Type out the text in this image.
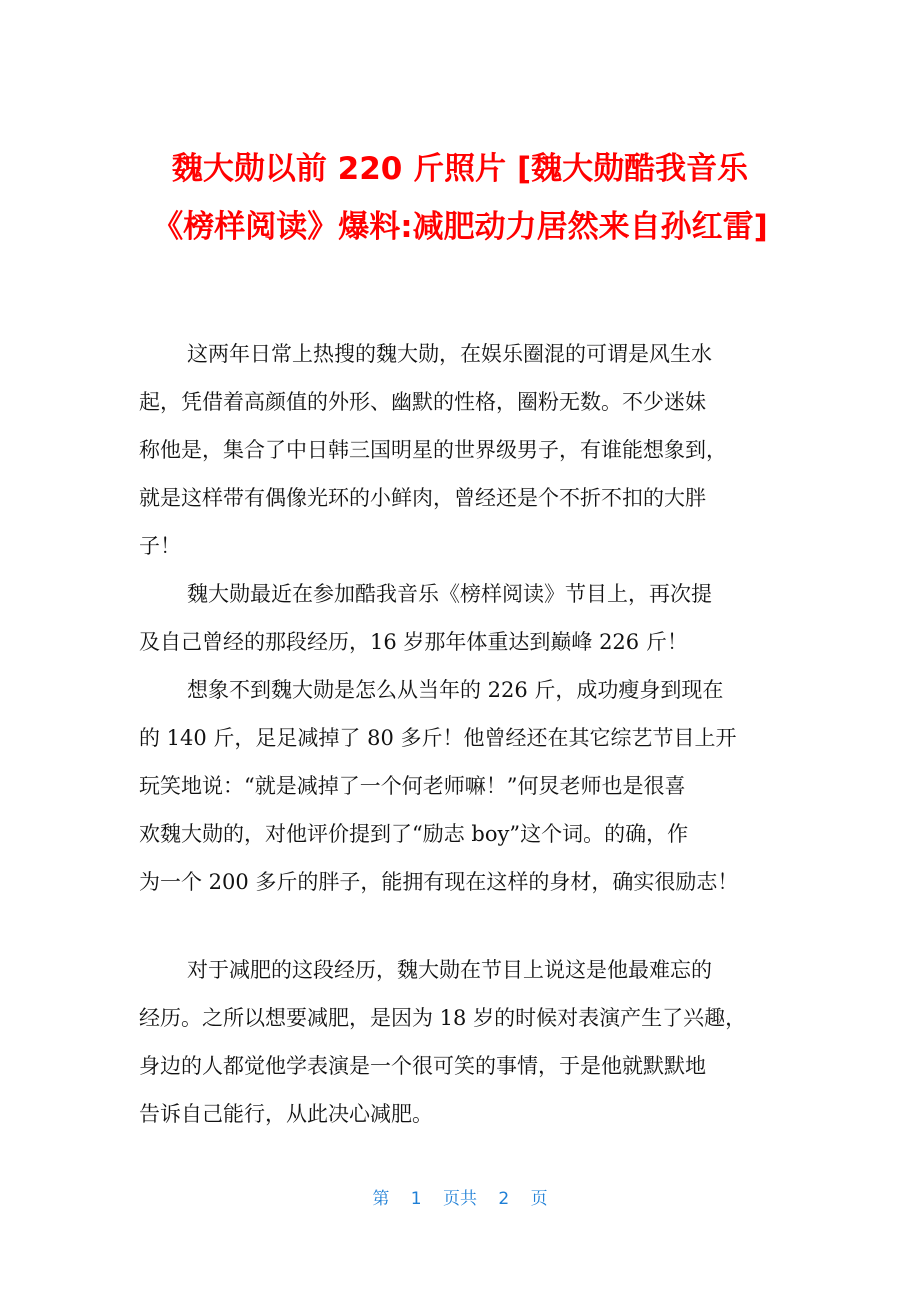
魏大勋以前 220 斤照片 [魏大勋酷我音乐
《榜样阅读》爆料:减肥动力居然来自孙红雷]
这两年日常上热搜的魏大勋，在娱乐圈混的可谓是风生水
起，凭借着高颜值的外形、幽默的性格，圈粉无数。不少迷妹
称他是，集合了中日韩三国明星的世界级男子，有谁能想象到，
就是这样带有偶像光环的小鲜肉，曾经还是个不折不扣的大胖
子！
魏大勋最近在参加酷我音乐《榜样阅读》节目上，再次提
及自己曾经的那段经历，16 岁那年体重达到巅峰 226 斤！
想象不到魏大勋是怎么从当年的 226 斤，成功瘦身到现在
的 140 斤，足足减掉了 80 多斤！他曾经还在其它综艺节目上开
玩笑地说：“就是减掉了一个何老师嘛！”何炅老师也是很喜
欢魏大勋的，对他评价提到了“励志 boy”这个词。的确，作
为一个 200 多斤的胖子，能拥有现在这样的身材，确实很励志！
对于减肥的这段经历，魏大勋在节目上说这是他最难忘的
经历。之所以想要减肥，是因为 18 岁的时候对表演产生了兴趣，
身边的人都觉他学表演是一个很可笑的事情，于是他就默默地
告诉自己能行，从此决心减肥。
第 1 页共 2 页
